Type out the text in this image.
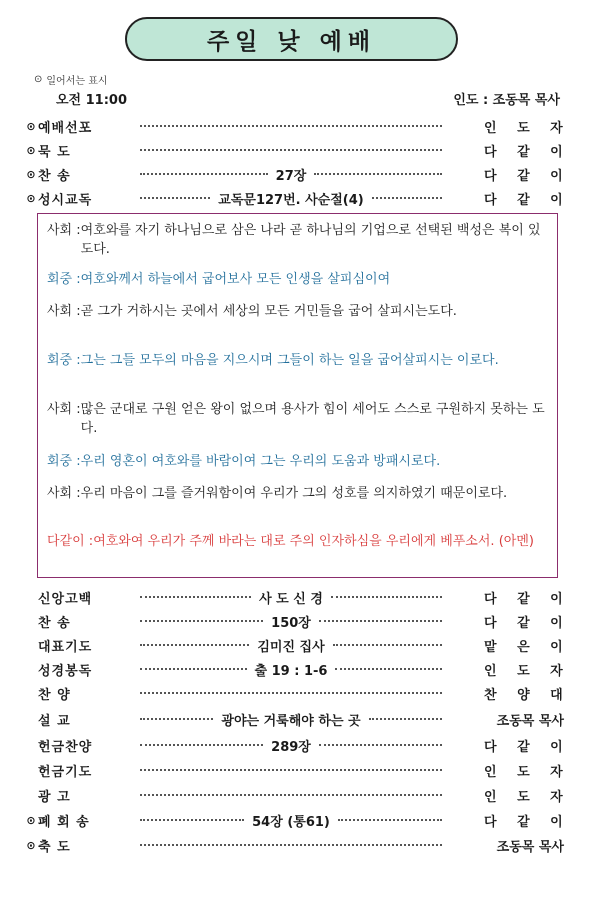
주일 낮 예배
⊙ 일어서는 표시
오전 11:00	인도 : 조동목 목사
⊙ 예배선포	인 도 자
⊙ 묵 도	다 같 이
⊙ 찬 송	27장	다 같 이
⊙ 성시교독	교독문127번. 사순절(4)	다 같 이
사회 : 여호와를 자기 하나님으로 삼은 나라 곧 하나님의 기업으로 선택된 백성은 복이 있도다.
회중 : 여호와께서 하늘에서 굽어보사 모든 인생을 살피심이여
사회 : 곧 그가 거하시는 곳에서 세상의 모든 거민들을 굽어 살피시는도다.
회중 : 그는 그들 모두의 마음을 지으시며 그들이 하는 일을 굽어살피시는 이로다.
사회 : 많은 군대로 구원 얻은 왕이 없으며 용사가 힘이 세어도 스스로 구원하지 못하는 도다.
회중 : 우리 영혼이 여호와를 바람이여 그는 우리의 도움과 방패시로다.
사회 : 우리 마음이 그를 즐거워함이여 우리가 그의 성호를 의지하였기 때문이로다.
다같이 : 여호와여 우리가 주께 바라는 대로 주의 인자하심을 우리에게 베푸소서. (아멘)
신앙고백	사 도 신 경	다 같 이
찬 송	150장	다 같 이
대표기도	김미진 집사	맡 은 이
성경봉독	출 19 : 1-6	인 도 자
찬 양	찬 양 대
설 교	광야는 거룩해야 하는 곳	조동목 목사
헌금찬양	289장	다 같 이
헌금기도	인 도 자
광 고	인 도 자
⊙ 폐 회 송	54장 (통61)	다 같 이
⊙ 축 도	조동목 목사
